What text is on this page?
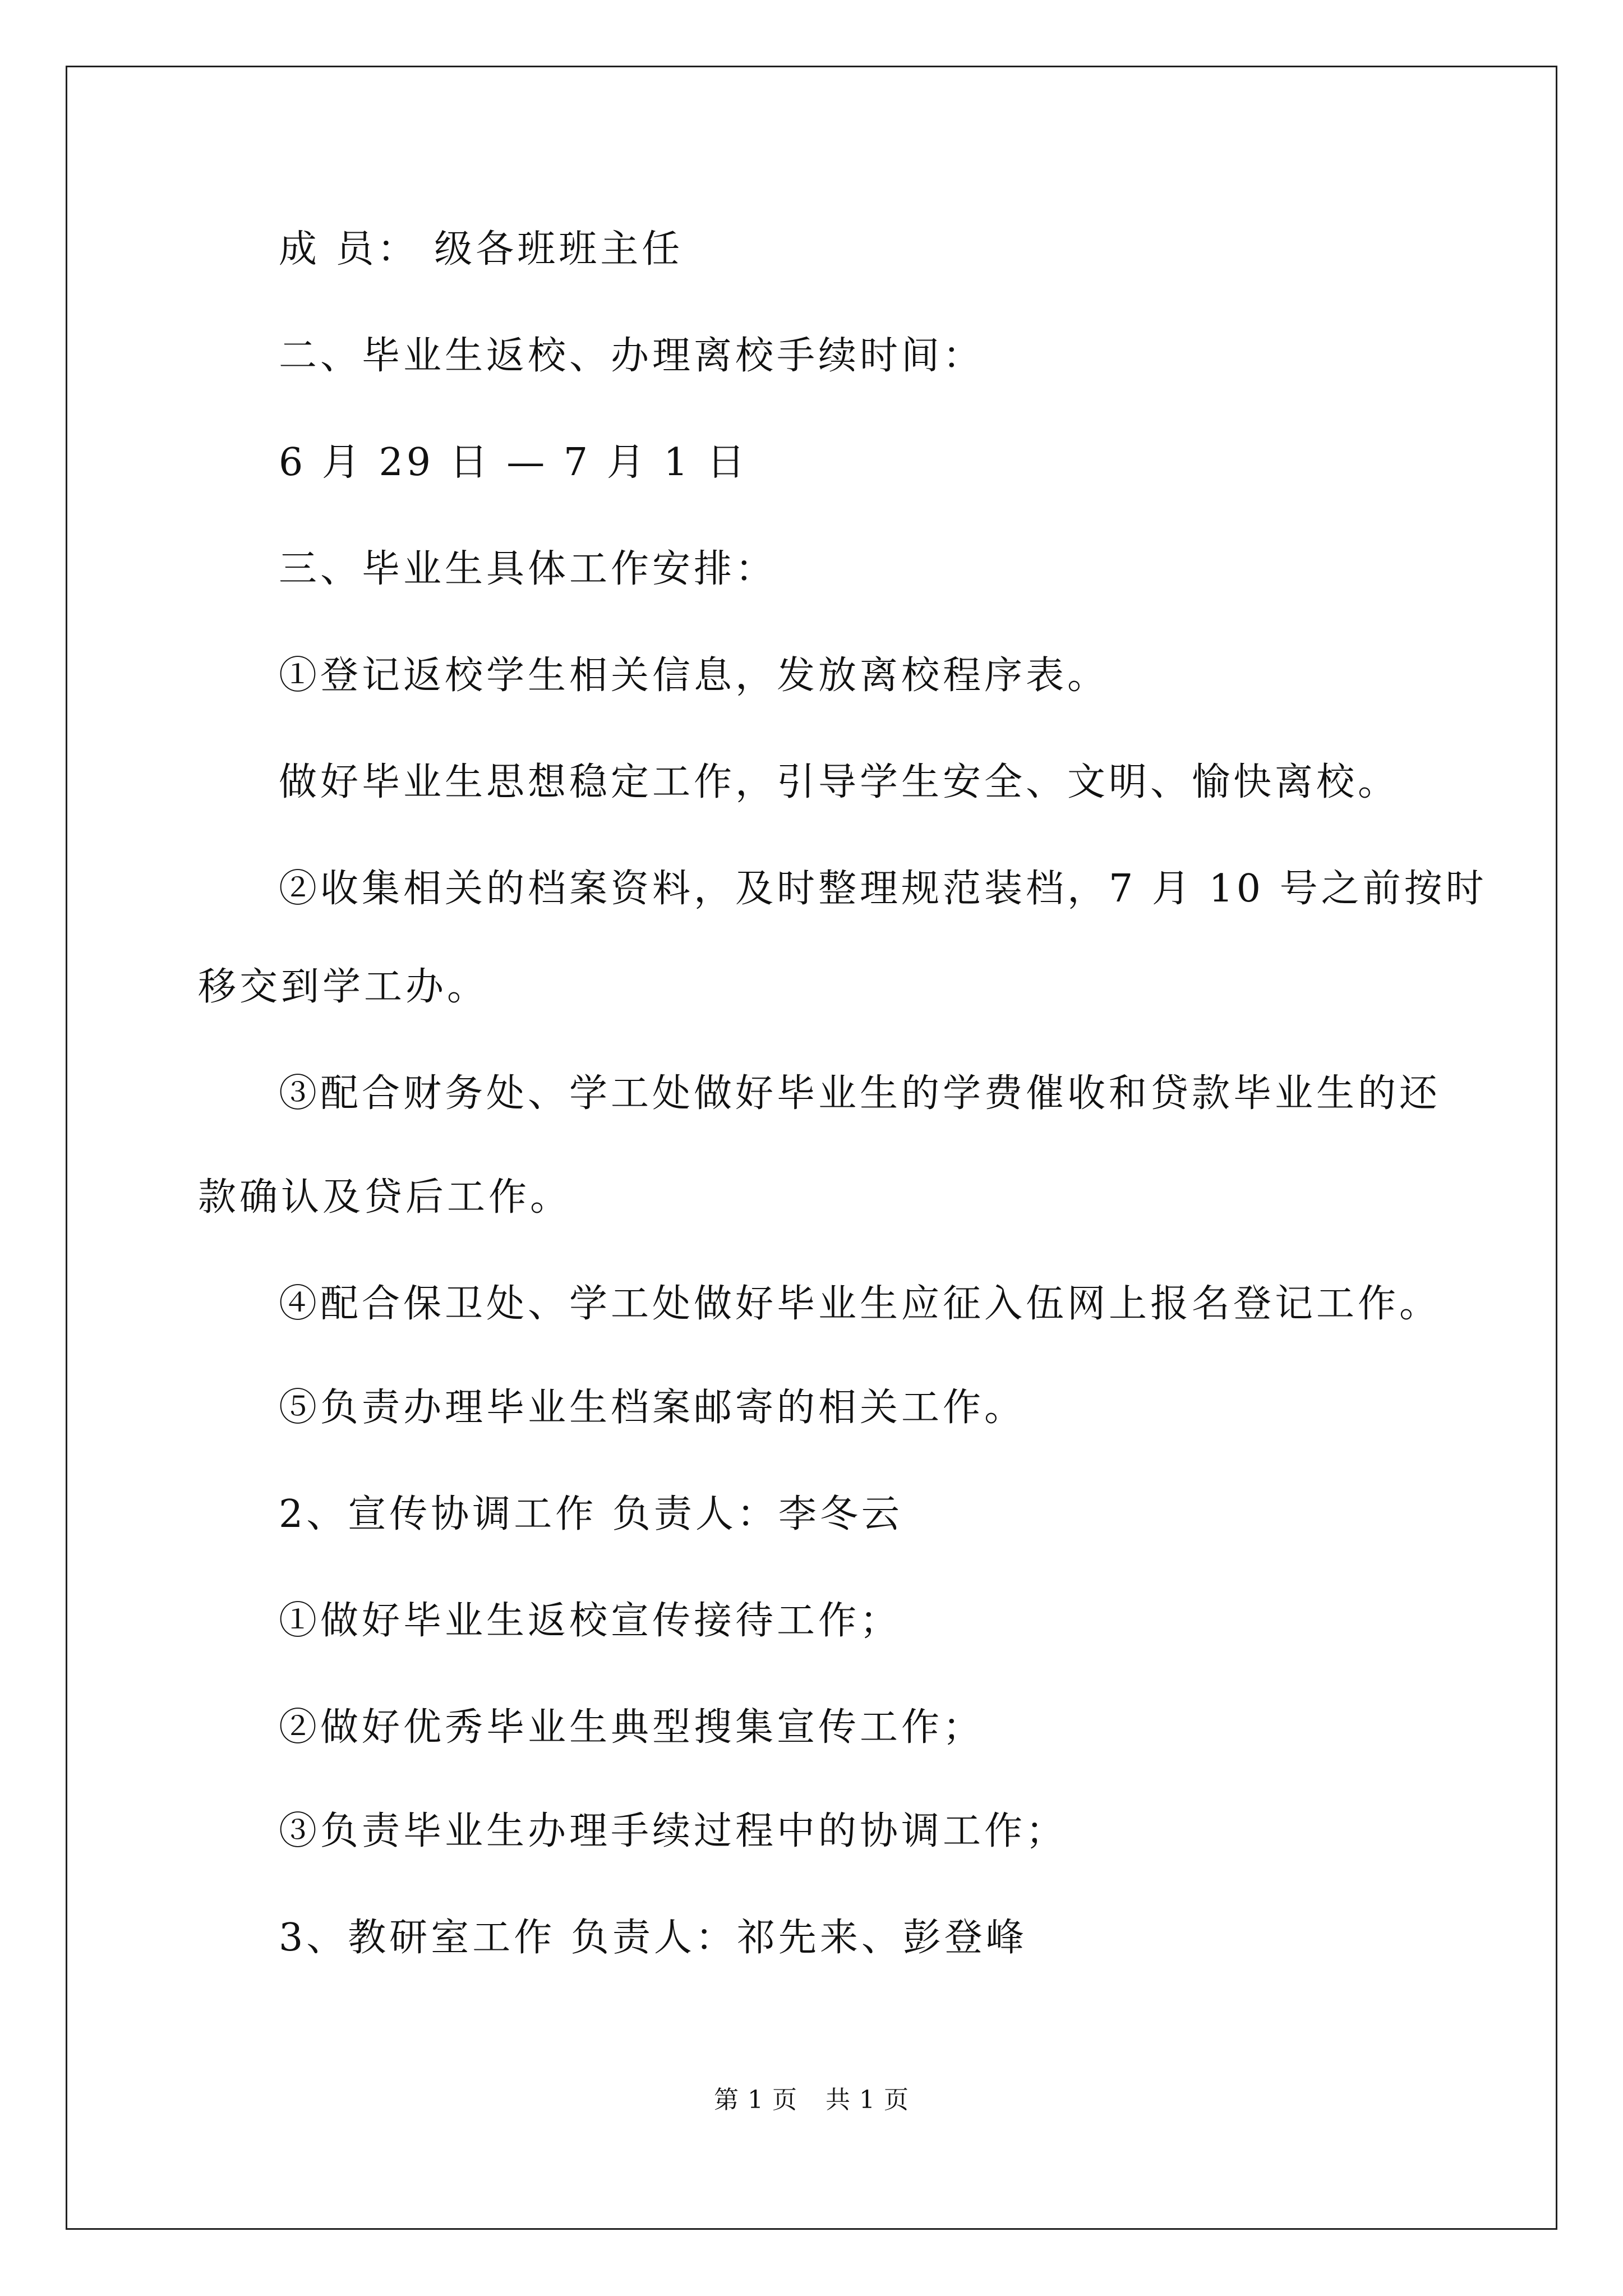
成 员： 级各班班主任
二、毕业生返校、办理离校手续时间：
6 月 29 日 — 7 月 1 日
三、毕业生具体工作安排：
①登记返校学生相关信息，发放离校程序表。
做好毕业生思想稳定工作，引导学生安全、文明、愉快离校。
②收集相关的档案资料，及时整理规范装档，7 月 10 号之前按时
移交到学工办。
③配合财务处、学工处做好毕业生的学费催收和贷款毕业生的还
款确认及贷后工作。
④配合保卫处、学工处做好毕业生应征入伍网上报名登记工作。
⑤负责办理毕业生档案邮寄的相关工作。
2、宣传协调工作 负责人：李冬云
①做好毕业生返校宣传接待工作；
②做好优秀毕业生典型搜集宣传工作；
③负责毕业生办理手续过程中的协调工作；
3、教研室工作 负责人：祁先来、彭登峰
第 1 页 共 1 页
